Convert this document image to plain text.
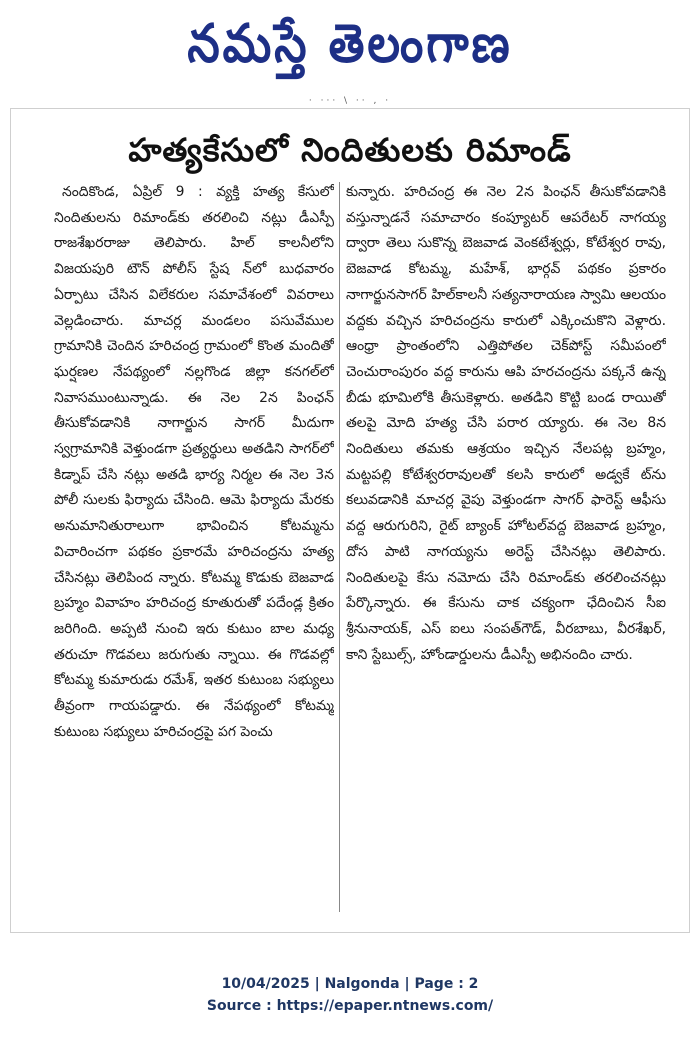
నమస్తే తెలంగాణ
· ··· \ ·· , ·
హత్యకేసులో నిందితులకు రిమాండ్
నందికొండ, ఏప్రిల్ 9 : వ్యక్తి హత్య కేసులో నిందితులను రిమాండ్‌కు తరలించి నట్లు డీఎస్పీ రాజశేఖరరాజు తెలిపారు. హిల్ కాలనీలోని విజయపురి టౌన్ పోలీస్ స్టేష న్‌లో బుధవారం ఏర్పాటు చేసిన విలేకరుల సమావేశంలో వివరాలు వెల్లడించారు. మాచర్ల మండలం పసువేముల గ్రామానికి చెందిన హరిచంద్ర గ్రామంలో కొంత మందితో ఘర్షణల నేపథ్యంలో నల్లగొండ జిల్లా కనగల్‌లో నివాసముంటున్నాడు. ఈ నెల 2న పింఛన్ తీసుకోవడానికి నాగార్జున సాగర్ మీదుగా స్వగ్రామానికి వెళ్తుండగా ప్రత్యర్థులు అతడిని సాగర్‌లో కిడ్నాప్ చేసి నట్లు అతడి భార్య నిర్మల ఈ నెల 3న పోలీ సులకు ఫిర్యాదు చేసింది. ఆమె ఫిర్యాదు మేరకు అనుమానితురాలుగా భావించిన కోటమ్మను విచారించగా పథకం ప్రకారమే హరిచంద్రను హత్య చేసినట్లు తెలిపింద న్నారు. కోటమ్మ కొడుకు బెజవాడ బ్రహ్మం వివాహం హరిచంద్ర కూతురుతో పదేండ్ల క్రితం జరిగింది. అప్పటి నుంచి ఇరు కుటుం బాల మధ్య తరుచూ గొడవలు జరుగుతు న్నాయి. ఈ గొడవల్లో కోటమ్మ కుమారుడు రమేశ్, ఇతర కుటుంబ సభ్యులు తీవ్రంగా గాయపడ్డారు. ఈ నేపథ్యంలో కోటమ్మ కుటుంబ సభ్యులు హరిచంద్రపై పగ పెంచు
కున్నారు. హరిచంద్ర ఈ నెల 2న పింఛన్ తీసుకోవడానికి వస్తున్నాడనే సమాచారం కంప్యూటర్ ఆపరేటర్ నాగయ్య ద్వారా తెలు సుకొన్న బెజవాడ వెంకటేశ్వర్లు, కోటేశ్వర రావు, బెజవాడ కోటమ్మ, మహేశ్, భార్గవ్ పథకం ప్రకారం నాగార్జునసాగర్ హిల్‌కాలనీ సత్యనారాయణ స్వామి ఆలయం వద్దకు వచ్చిన హరిచంద్రను కారులో ఎక్కించుకొని వెళ్లారు. ఆంధ్రా ప్రాంతంలోని ఎత్తిపోతల చెక్‌పోస్ట్ సమీపంలో చెంచురాంపురం వద్ద కారును ఆపి హరచంద్రను పక్కనే ఉన్న బీడు భూమిలోకి తీసుకెళ్లారు. అతడిని కొట్టి బండ రాయితో తలపై మోది హత్య చేసి పరార య్యారు. ఈ నెల 8న నిందితులు తమకు ఆశ్రయం ఇచ్చిన నేలపట్ల బ్రహ్మం, మట్టపల్లి కోటేశ్వరరావులతో కలసి కారులో అడ్వకే ట్‌ను కలువడానికి మాచర్ల వైపు వెళ్తుండగా సాగర్ ఫారెస్ట్ ఆఫీసు వద్ద ఆరుగురిని, రైట్ బ్యాంక్ హోటల్‌వద్ద బెజవాడ బ్రహ్మం, దోస పాటి నాగయ్యను అరెస్ట్ చేసినట్లు తెలిపారు. నిందితులపై కేసు నమోదు చేసి రిమాండ్‌కు తరలించనట్లు పేర్కొన్నారు. ఈ కేసును చాక చక్యంగా ఛేదించిన సీఐ శ్రీనునాయక్, ఎస్ ఐలు సంపత్‌గౌడ్, వీరబాబు, వీరశేఖర్, కాని స్టేబుల్స్, హోండార్డులను డీఎస్పీ అభినందిం చారు.
10/04/2025 | Nalgonda | Page : 2
Source : https://epaper.ntnews.com/
